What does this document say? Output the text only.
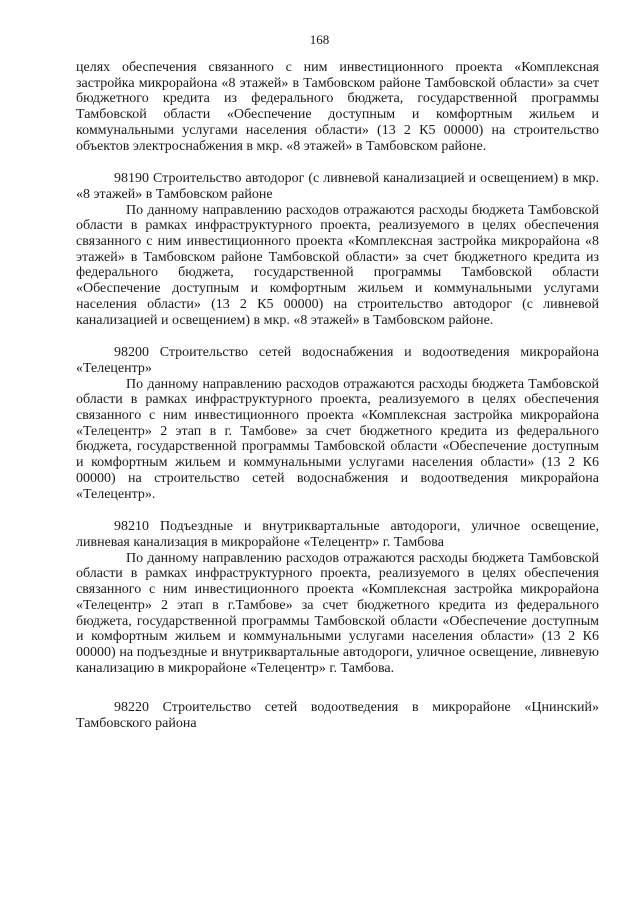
168

целях обеспечения связанного с ним инвестиционного проекта «Комплексная застройка микрорайона «8 этажей» в Тамбовском районе Тамбовской области» за счет бюджетного кредита из федерального бюджета, государственной программы Тамбовской области «Обеспечение доступным и комфортным жильем и коммунальными услугами населения области» (13 2 К5 00000) на строительство объектов электроснабжения в мкр. «8 этажей» в Тамбовском районе.

98190 Строительство автодорог (с ливневой канализацией и освещением) в мкр. «8 этажей» в Тамбовском районе

По данному направлению расходов отражаются расходы бюджета Тамбовской области в рамках инфраструктурного проекта, реализуемого в целях обеспечения связанного с ним инвестиционного проекта «Комплексная застройка микрорайона «8 этажей» в Тамбовском районе Тамбовской области» за счет бюджетного кредита из федерального бюджета, государственной программы Тамбовской области «Обеспечение доступным и комфортным жильем и коммунальными услугами населения области» (13 2 К5 00000) на строительство автодорог (с ливневой канализацией и освещением) в мкр. «8 этажей» в Тамбовском районе.

98200 Строительство сетей водоснабжения и водоотведения микрорайона «Телецентр»

По данному направлению расходов отражаются расходы бюджета Тамбовской области в рамках инфраструктурного проекта, реализуемого в целях обеспечения связанного с ним инвестиционного проекта «Комплексная застройка микрорайона «Телецентр» 2 этап в г. Тамбове» за счет бюджетного кредита из федерального бюджета, государственной программы Тамбовской области «Обеспечение доступным и комфортным жильем и коммунальными услугами населения области» (13 2 К6 00000) на строительство сетей водоснабжения и водоотведения микрорайона «Телецентр».

98210 Подъездные и внутриквартальные автодороги, уличное освещение, ливневая канализация в микрорайоне «Телецентр» г. Тамбова

По данному направлению расходов отражаются расходы бюджета Тамбовской области в рамках инфраструктурного проекта, реализуемого в целях обеспечения связанного с ним инвестиционного проекта «Комплексная застройка микрорайона «Телецентр» 2 этап в г.Тамбове» за счет бюджетного кредита из федерального бюджета, государственной программы Тамбовской области «Обеспечение доступным и комфортным жильем и коммунальными услугами населения области» (13 2 К6 00000) на подъездные и внутриквартальные автодороги, уличное освещение, ливневую канализацию в микрорайоне «Телецентр» г. Тамбова.

98220 Строительство сетей водоотведения в микрорайоне «Цнинский» Тамбовского района
